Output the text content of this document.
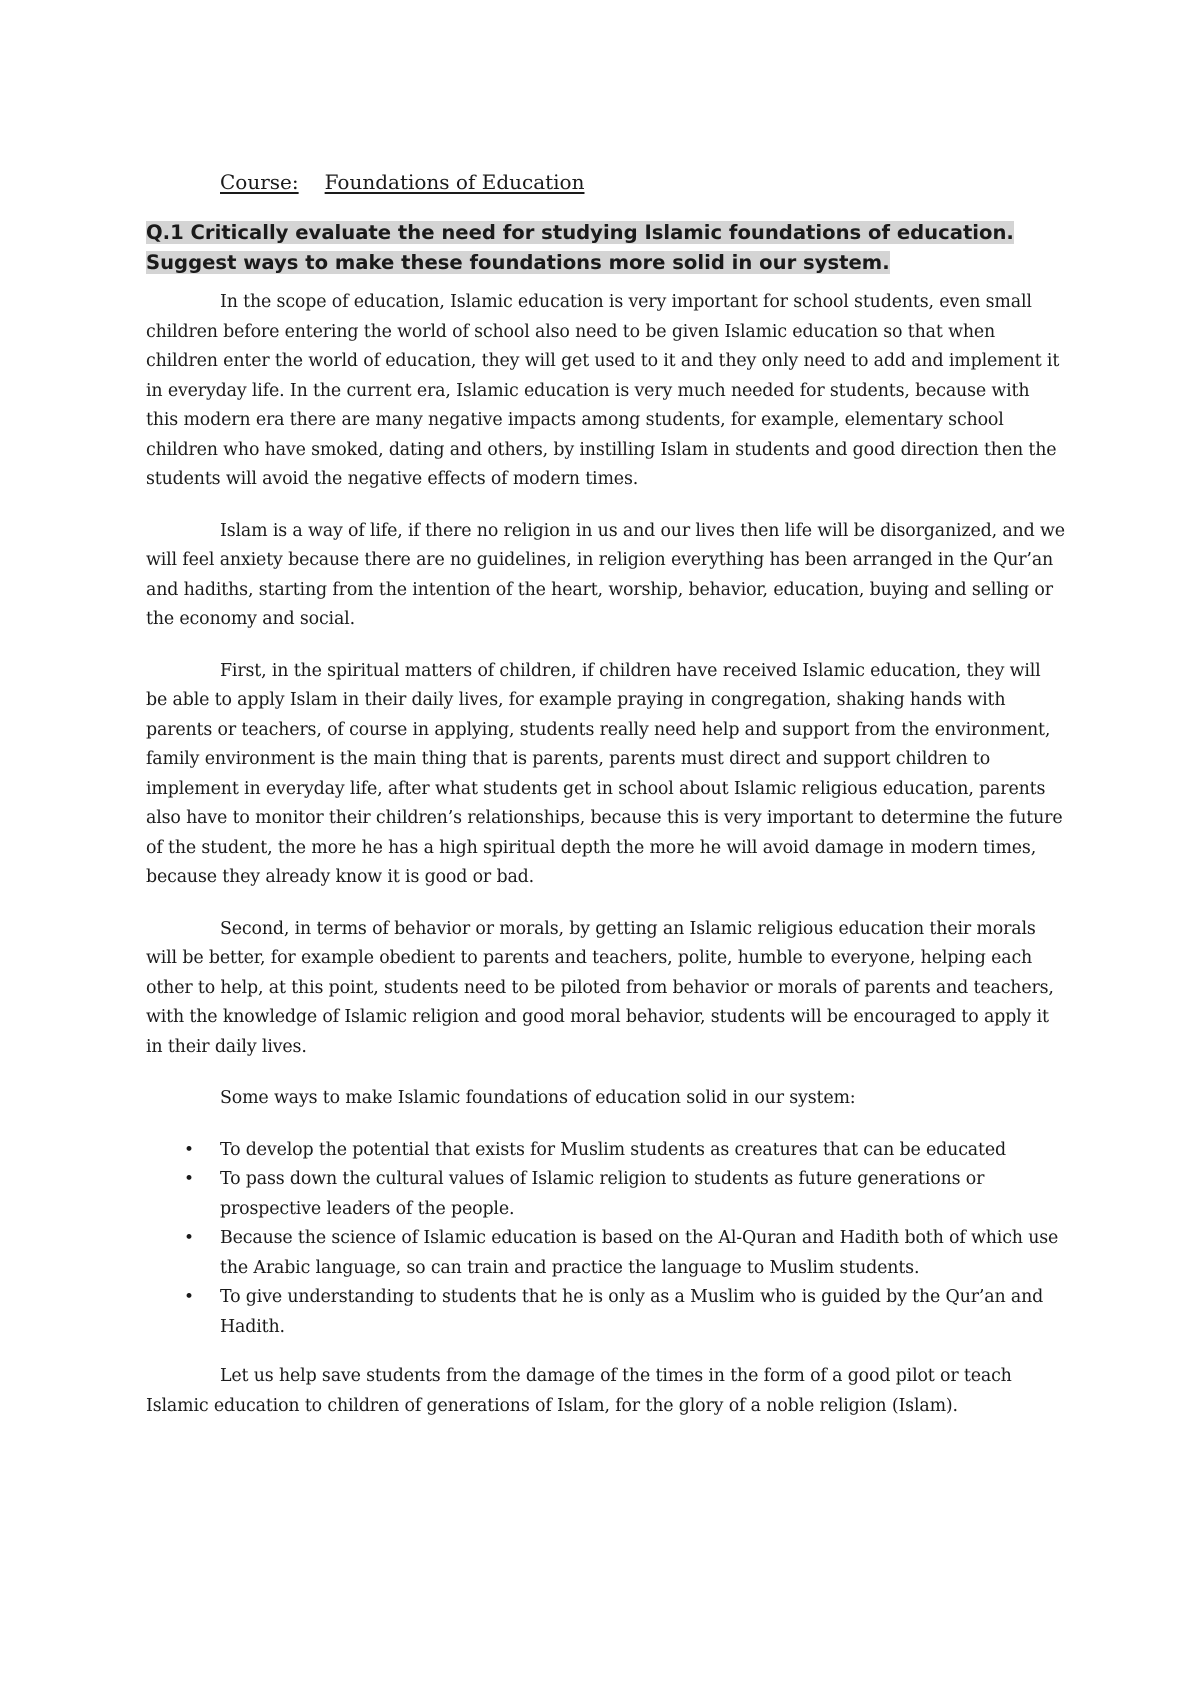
Course: Foundations of Education

Q.1 Critically evaluate the need for studying Islamic foundations of education. Suggest ways to make these foundations more solid in our system.

In the scope of education, Islamic education is very important for school students, even small children before entering the world of school also need to be given Islamic education so that when children enter the world of education, they will get used to it and they only need to add and implement it in everyday life. In the current era, Islamic education is very much needed for students, because with this modern era there are many negative impacts among students, for example, elementary school children who have smoked, dating and others, by instilling Islam in students and good direction then the students will avoid the negative effects of modern times.

Islam is a way of life, if there no religion in us and our lives then life will be disorganized, and we will feel anxiety because there are no guidelines, in religion everything has been arranged in the Qur’an and hadiths, starting from the intention of the heart, worship, behavior, education, buying and selling or the economy and social.

First, in the spiritual matters of children, if children have received Islamic education, they will be able to apply Islam in their daily lives, for example praying in congregation, shaking hands with parents or teachers, of course in applying, students really need help and support from the environment, family environment is the main thing that is parents, parents must direct and support children to implement in everyday life, after what students get in school about Islamic religious education, parents also have to monitor their children’s relationships, because this is very important to determine the future of the student, the more he has a high spiritual depth the more he will avoid damage in modern times, because they already know it is good or bad.

Second, in terms of behavior or morals, by getting an Islamic religious education their morals will be better, for example obedient to parents and teachers, polite, humble to everyone, helping each other to help, at this point, students need to be piloted from behavior or morals of parents and teachers, with the knowledge of Islamic religion and good moral behavior, students will be encouraged to apply it in their daily lives.

Some ways to make Islamic foundations of education solid in our system:

• To develop the potential that exists for Muslim students as creatures that can be educated
• To pass down the cultural values of Islamic religion to students as future generations or prospective leaders of the people.
• Because the science of Islamic education is based on the Al-Quran and Hadith both of which use the Arabic language, so can train and practice the language to Muslim students.
• To give understanding to students that he is only as a Muslim who is guided by the Qur’an and Hadith.

Let us help save students from the damage of the times in the form of a good pilot or teach Islamic education to children of generations of Islam, for the glory of a noble religion (Islam).
